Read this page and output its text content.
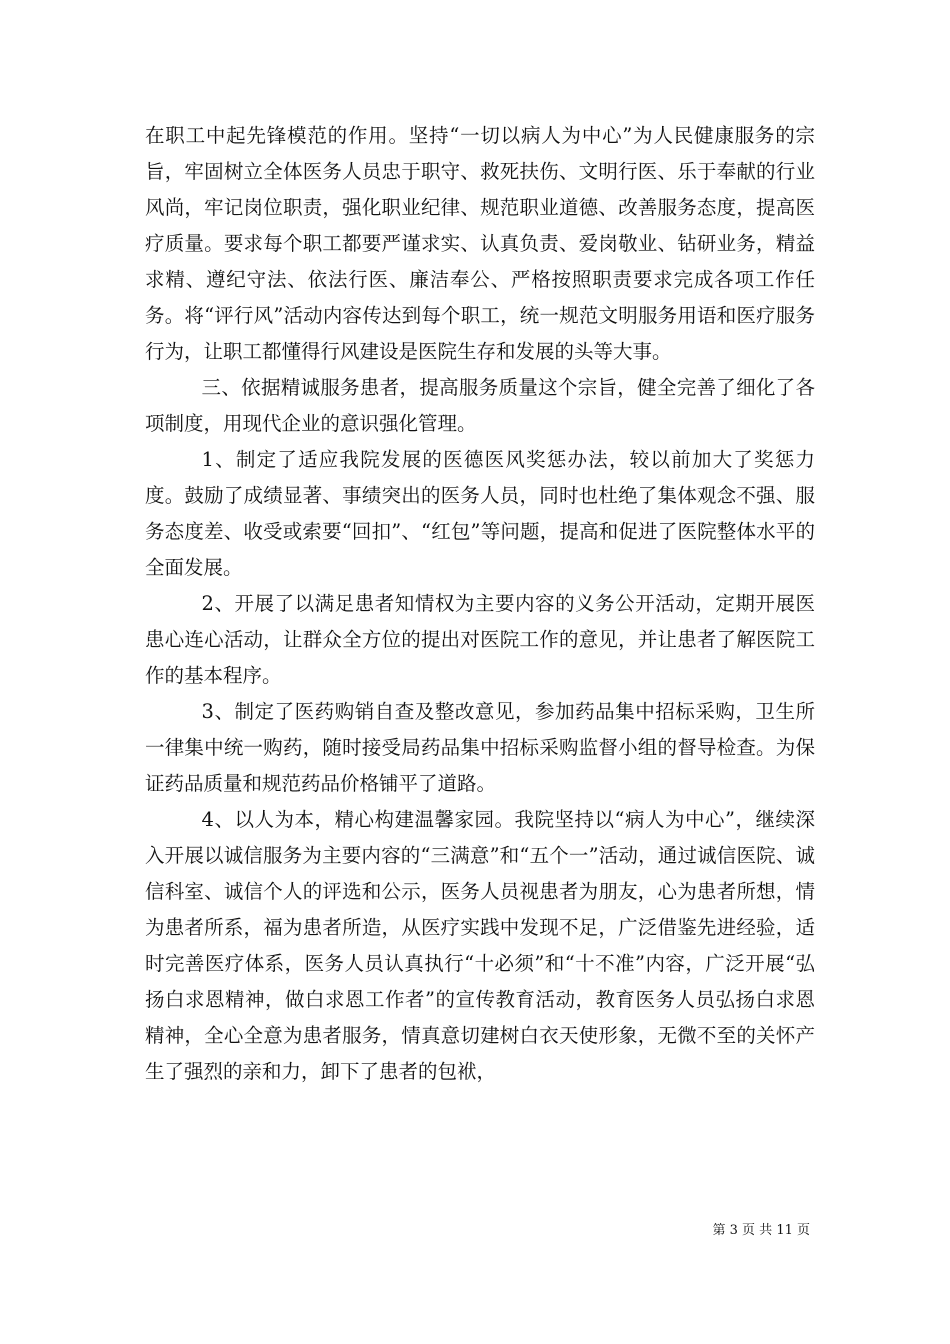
在职工中起先锋模范的作用。坚持“一切以病人为中心”为人民健康服务的宗旨，牢固树立全体医务人员忠于职守、救死扶伤、文明行医、乐于奉献的行业风尚，牢记岗位职责，强化职业纪律、规范职业道德、改善服务态度，提高医疗质量。要求每个职工都要严谨求实、认真负责、爱岗敬业、钻研业务，精益求精、遵纪守法、依法行医、廉洁奉公、严格按照职责要求完成各项工作任务。将“评行风”活动内容传达到每个职工，统一规范文明服务用语和医疗服务行为，让职工都懂得行风建设是医院生存和发展的头等大事。

三、依据精诚服务患者，提高服务质量这个宗旨，健全完善了细化了各项制度，用现代企业的意识强化管理。

1、制定了适应我院发展的医德医风奖惩办法，较以前加大了奖惩力度。鼓励了成绩显著、事绩突出的医务人员，同时也杜绝了集体观念不强、服务态度差、收受或索要“回扣”、“红包”等问题，提高和促进了医院整体水平的全面发展。

2、开展了以满足患者知情权为主要内容的义务公开活动，定期开展医患心连心活动，让群众全方位的提出对医院工作的意见，并让患者了解医院工作的基本程序。

3、制定了医药购销自查及整改意见，参加药品集中招标采购，卫生所一律集中统一购药，随时接受局药品集中招标采购监督小组的督导检查。为保证药品质量和规范药品价格铺平了道路。

4、以人为本，精心构建温馨家园。我院坚持以“病人为中心”，继续深入开展以诚信服务为主要内容的“三满意”和“五个一”活动，通过诚信医院、诚信科室、诚信个人的评选和公示，医务人员视患者为朋友，心为患者所想，情为患者所系，福为患者所造，从医疗实践中发现不足，广泛借鉴先进经验，适时完善医疗体系，医务人员认真执行“十必须”和“十不准”内容，广泛开展“弘扬白求恩精神，做白求恩工作者”的宣传教育活动，教育医务人员弘扬白求恩精神，全心全意为患者服务，情真意切建树白衣天使形象，无微不至的关怀产生了强烈的亲和力，卸下了患者的包袱，

第 3 页 共 11 页
